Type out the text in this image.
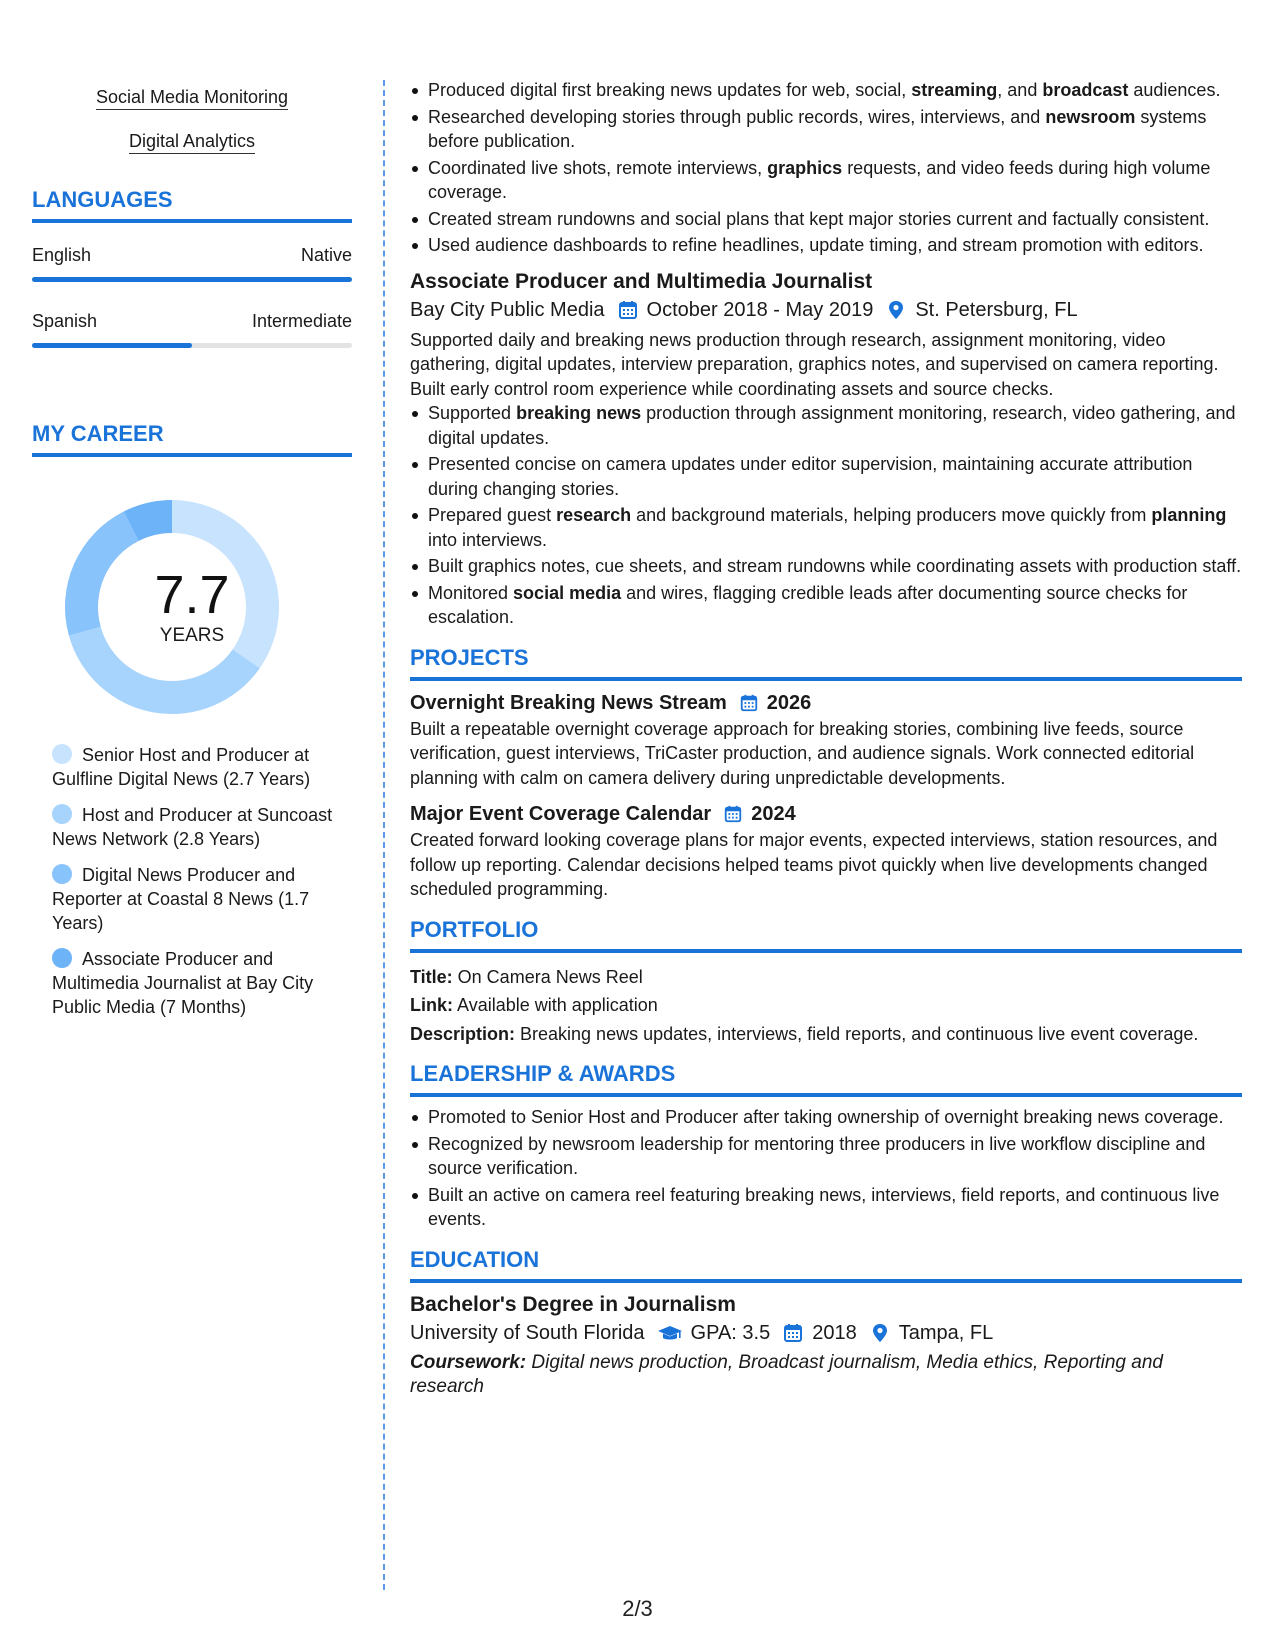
Social Media Monitoring
Digital Analytics
LANGUAGES
English	Native
Spanish	Intermediate
MY CAREER
7.7
YEARS
Senior Host and Producer at Gulfline Digital News (2.7 Years)
Host and Producer at Suncoast News Network (2.8 Years)
Digital News Producer and Reporter at Coastal 8 News (1.7 Years)
Associate Producer and Multimedia Journalist at Bay City Public Media (7 Months)
Produced digital first breaking news updates for web, social, streaming, and broadcast audiences.
Researched developing stories through public records, wires, interviews, and newsroom systems before publication.
Coordinated live shots, remote interviews, graphics requests, and video feeds during high volume coverage.
Created stream rundowns and social plans that kept major stories current and factually consistent.
Used audience dashboards to refine headlines, update timing, and stream promotion with editors.
Associate Producer and Multimedia Journalist
Bay City Public Media October 2018 - May 2019 St. Petersburg, FL
Supported daily and breaking news production through research, assignment monitoring, video gathering, digital updates, interview preparation, graphics notes, and supervised on camera reporting. Built early control room experience while coordinating assets and source checks.
Supported breaking news production through assignment monitoring, research, video gathering, and digital updates.
Presented concise on camera updates under editor supervision, maintaining accurate attribution during changing stories.
Prepared guest research and background materials, helping producers move quickly from planning into interviews.
Built graphics notes, cue sheets, and stream rundowns while coordinating assets with production staff.
Monitored social media and wires, flagging credible leads after documenting source checks for escalation.
PROJECTS
Overnight Breaking News Stream 2026
Built a repeatable overnight coverage approach for breaking stories, combining live feeds, source verification, guest interviews, TriCaster production, and audience signals. Work connected editorial planning with calm on camera delivery during unpredictable developments.
Major Event Coverage Calendar 2024
Created forward looking coverage plans for major events, expected interviews, station resources, and follow up reporting. Calendar decisions helped teams pivot quickly when live developments changed scheduled programming.
PORTFOLIO
Title: On Camera News Reel
Link: Available with application
Description: Breaking news updates, interviews, field reports, and continuous live event coverage.
LEADERSHIP & AWARDS
Promoted to Senior Host and Producer after taking ownership of overnight breaking news coverage.
Recognized by newsroom leadership for mentoring three producers in live workflow discipline and source verification.
Built an active on camera reel featuring breaking news, interviews, field reports, and continuous live events.
EDUCATION
Bachelor's Degree in Journalism
University of South Florida GPA: 3.5 2018 Tampa, FL
Coursework: Digital news production, Broadcast journalism, Media ethics, Reporting and research
2/3
